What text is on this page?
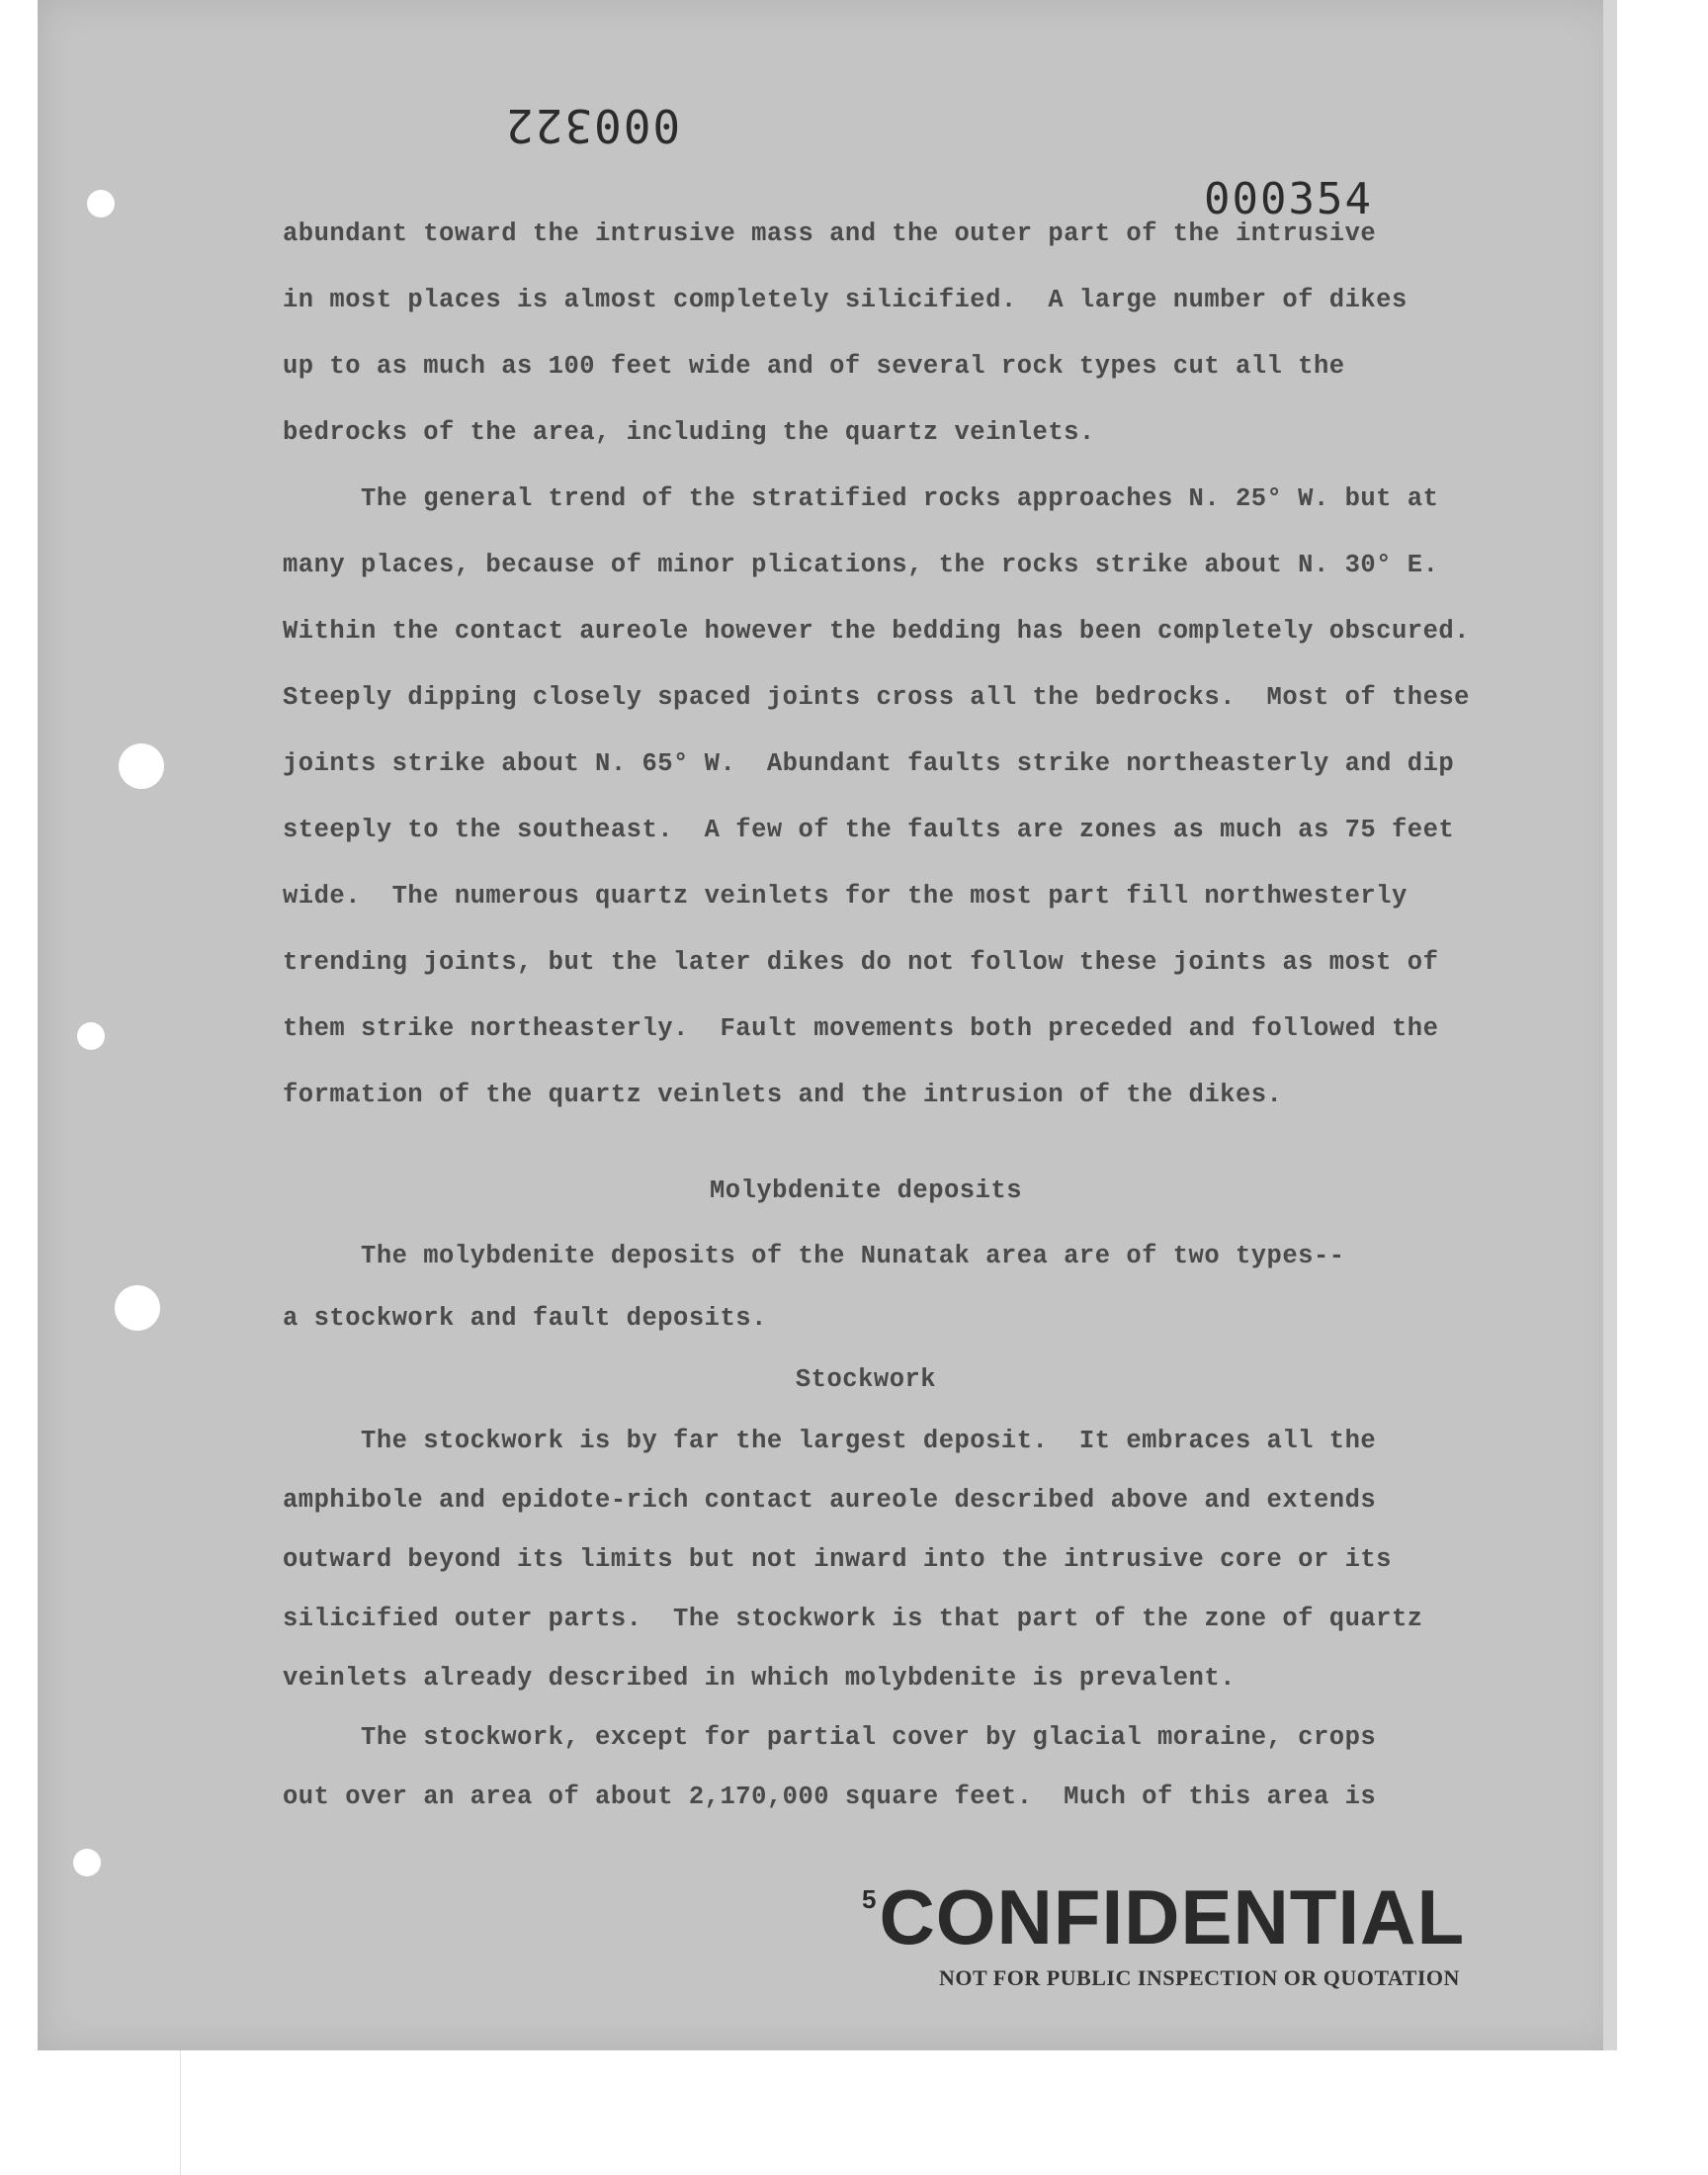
000322
000354
abundant toward the intrusive mass and the outer part of the intrusive
in most places is almost completely silicified.  A large number of dikes
up to as much as 100 feet wide and of several rock types cut all the
bedrocks of the area, including the quartz veinlets.
The general trend of the stratified rocks approaches N. 25° W. but at
many places, because of minor plications, the rocks strike about N. 30° E.
Within the contact aureole however the bedding has been completely obscured.
Steeply dipping closely spaced joints cross all the bedrocks.  Most of these
joints strike about N. 65° W.  Abundant faults strike northeasterly and dip
steeply to the southeast.  A few of the faults are zones as much as 75 feet
wide.  The numerous quartz veinlets for the most part fill northwesterly
trending joints, but the later dikes do not follow these joints as most of
them strike northeasterly.  Fault movements both preceded and followed the
formation of the quartz veinlets and the intrusion of the dikes.
Molybdenite deposits
The molybdenite deposits of the Nunatak area are of two types--
a stockwork and fault deposits.
Stockwork
The stockwork is by far the largest deposit.  It embraces all the
amphibole and epidote-rich contact aureole described above and extends
outward beyond its limits but not inward into the intrusive core or its
silicified outer parts.  The stockwork is that part of the zone of quartz
veinlets already described in which molybdenite is prevalent.
The stockwork, except for partial cover by glacial moraine, crops
out over an area of about 2,170,000 square feet.  Much of this area is
$^5$CONFIDENTIAL
NOT FOR PUBLIC INSPECTION OR QUOTATION
